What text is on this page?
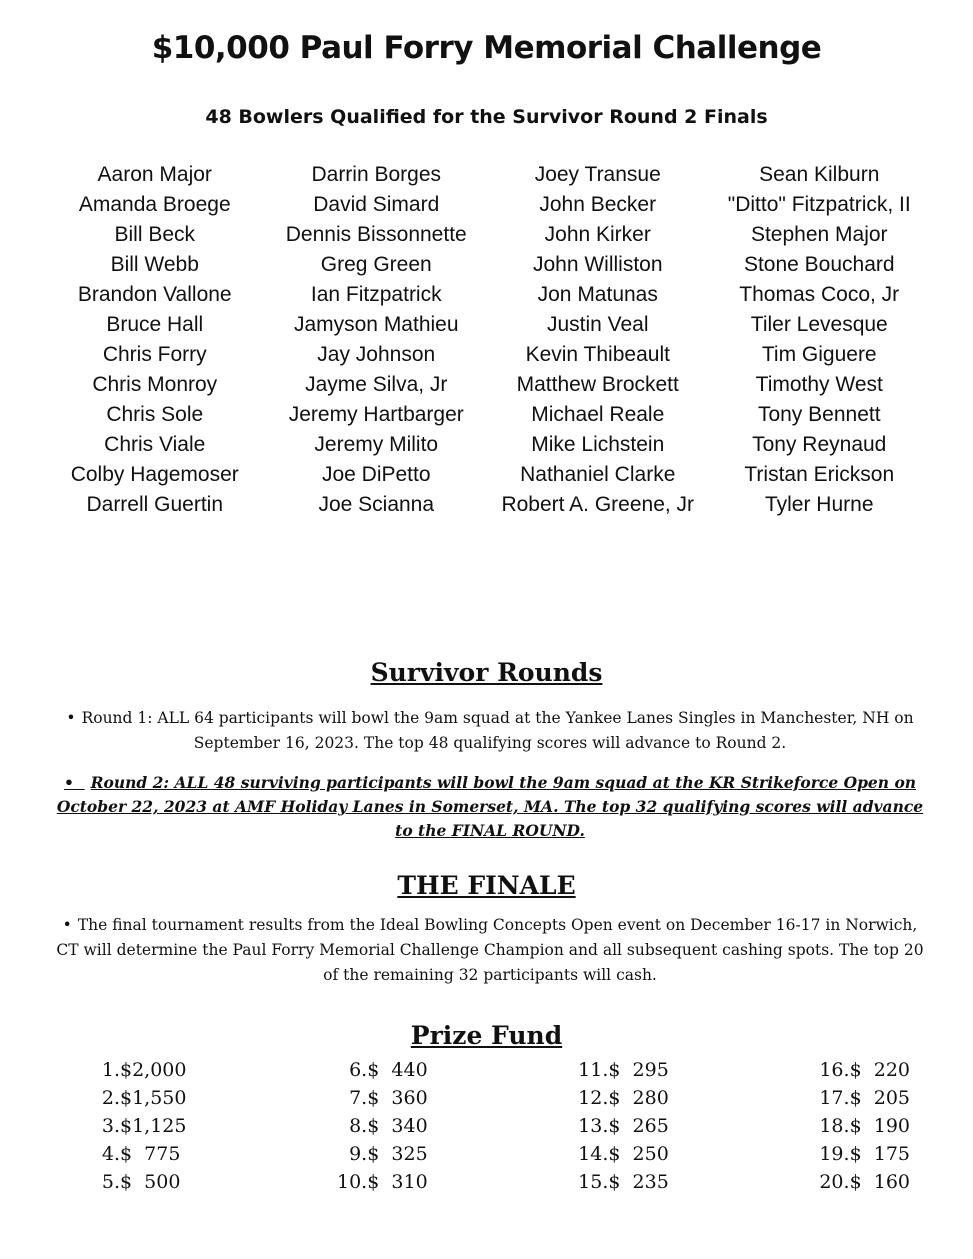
$10,000 Paul Forry Memorial Challenge
48 Bowlers Qualified for the Survivor Round 2 Finals
Aaron Major
Amanda Broege
Bill Beck
Bill Webb
Brandon Vallone
Bruce Hall
Chris Forry
Chris Monroy
Chris Sole
Chris Viale
Colby Hagemoser
Darrell Guertin
Darrin Borges
David Simard
Dennis Bissonnette
Greg Green
Ian Fitzpatrick
Jamyson Mathieu
Jay Johnson
Jayme Silva, Jr
Jeremy Hartbarger
Jeremy Milito
Joe DiPetto
Joe Scianna
Joey Transue
John Becker
John Kirker
John Williston
Jon Matunas
Justin Veal
Kevin Thibeault
Matthew Brockett
Michael Reale
Mike Lichstein
Nathaniel Clarke
Robert A. Greene, Jr
Sean Kilburn
"Ditto" Fitzpatrick, II
Stephen Major
Stone Bouchard
Thomas Coco, Jr
Tiler Levesque
Tim Giguere
Timothy West
Tony Bennett
Tony Reynaud
Tristan Erickson
Tyler Hurne
Survivor Rounds
• Round 1: ALL 64 participants will bowl the 9am squad at the Yankee Lanes Singles in Manchester, NH on September 16, 2023. The top 48 qualifying scores will advance to Round 2.
•  Round 2: ALL 48 surviving participants will bowl the 9am squad at the KR Strikeforce Open on October 22, 2023 at AMF Holiday Lanes in Somerset, MA. The top 32 qualifying scores will advance to the FINAL ROUND.
THE FINALE
• The final tournament results from the Ideal Bowling Concepts Open event on December 16-17 in Norwich, CT will determine the Paul Forry Memorial Challenge Champion and all subsequent cashing spots. The top 20 of the remaining 32 participants will cash.
Prize Fund
1.$2,000
2.$1,550
3.$1,125
4.$  775
5.$  500
6.$  440
7.$  360
8.$  340
9.$  325
10.$  310
11.$  295
12.$  280
13.$  265
14.$  250
15.$  235
16.$  220
17.$  205
18.$  190
19.$  175
20.$  160
